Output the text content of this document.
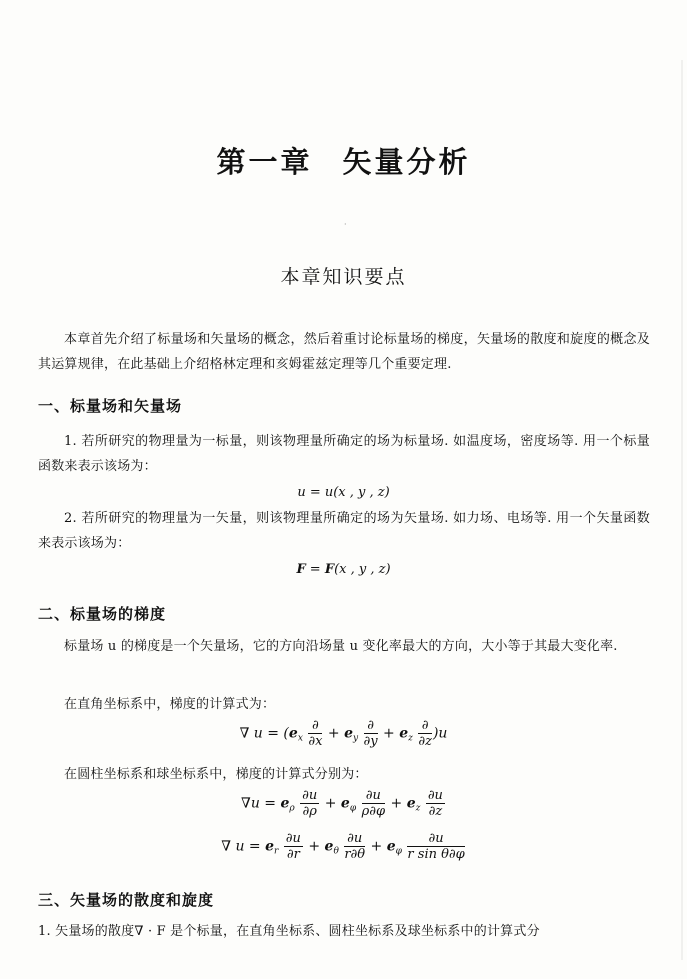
第一章 矢量分析
·
本章知识要点
本章首先介绍了标量场和矢量场的概念，然后着重讨论标量场的梯度，矢量场的散度和旋度的概念及其运算规律，在此基础上介绍格林定理和亥姆霍兹定理等几个重要定理.
一、标量场和矢量场
1. 若所研究的物理量为一标量，则该物理量所确定的场为标量场. 如温度场，密度场等. 用一个标量函数来表示该场为：
u = u(x , y , z)
2. 若所研究的物理量为一矢量，则该物理量所确定的场为矢量场. 如力场、电场等. 用一个矢量函数来表示该场为：
F = F(x , y , z)
二、标量场的梯度
标量场 u 的梯度是一个矢量场，它的方向沿场量 u 变化率最大的方向，大小等于其最大变化率.
在直角坐标系中，梯度的计算式为：
∇ $u = (e_x \frac{\partial}{\partial x} + e_y \frac{\partial}{\partial y} + e_z \frac{\partial}{\partial z} )u$
在圆柱坐标系和球坐标系中，梯度的计算式分别为：
$\nabla u = e_\rho \frac{\partial u}{\partial\rho} + e_\varphi \frac{\partial u}{\rho\partial\varphi} + e_z \frac{\partial u}{\partial z}$
∇ $u = e_r \frac{\partial u}{\partial r} + e_\theta \frac{\partial u}{r\partial\theta} + e_\varphi \frac{\partial u}{\text{r sin θ∂φ}}$
三、矢量场的散度和旋度
1. 矢量场的散度∇ · F 是个标量，在直角坐标系、圆柱坐标系及球坐标系中的计算式分
